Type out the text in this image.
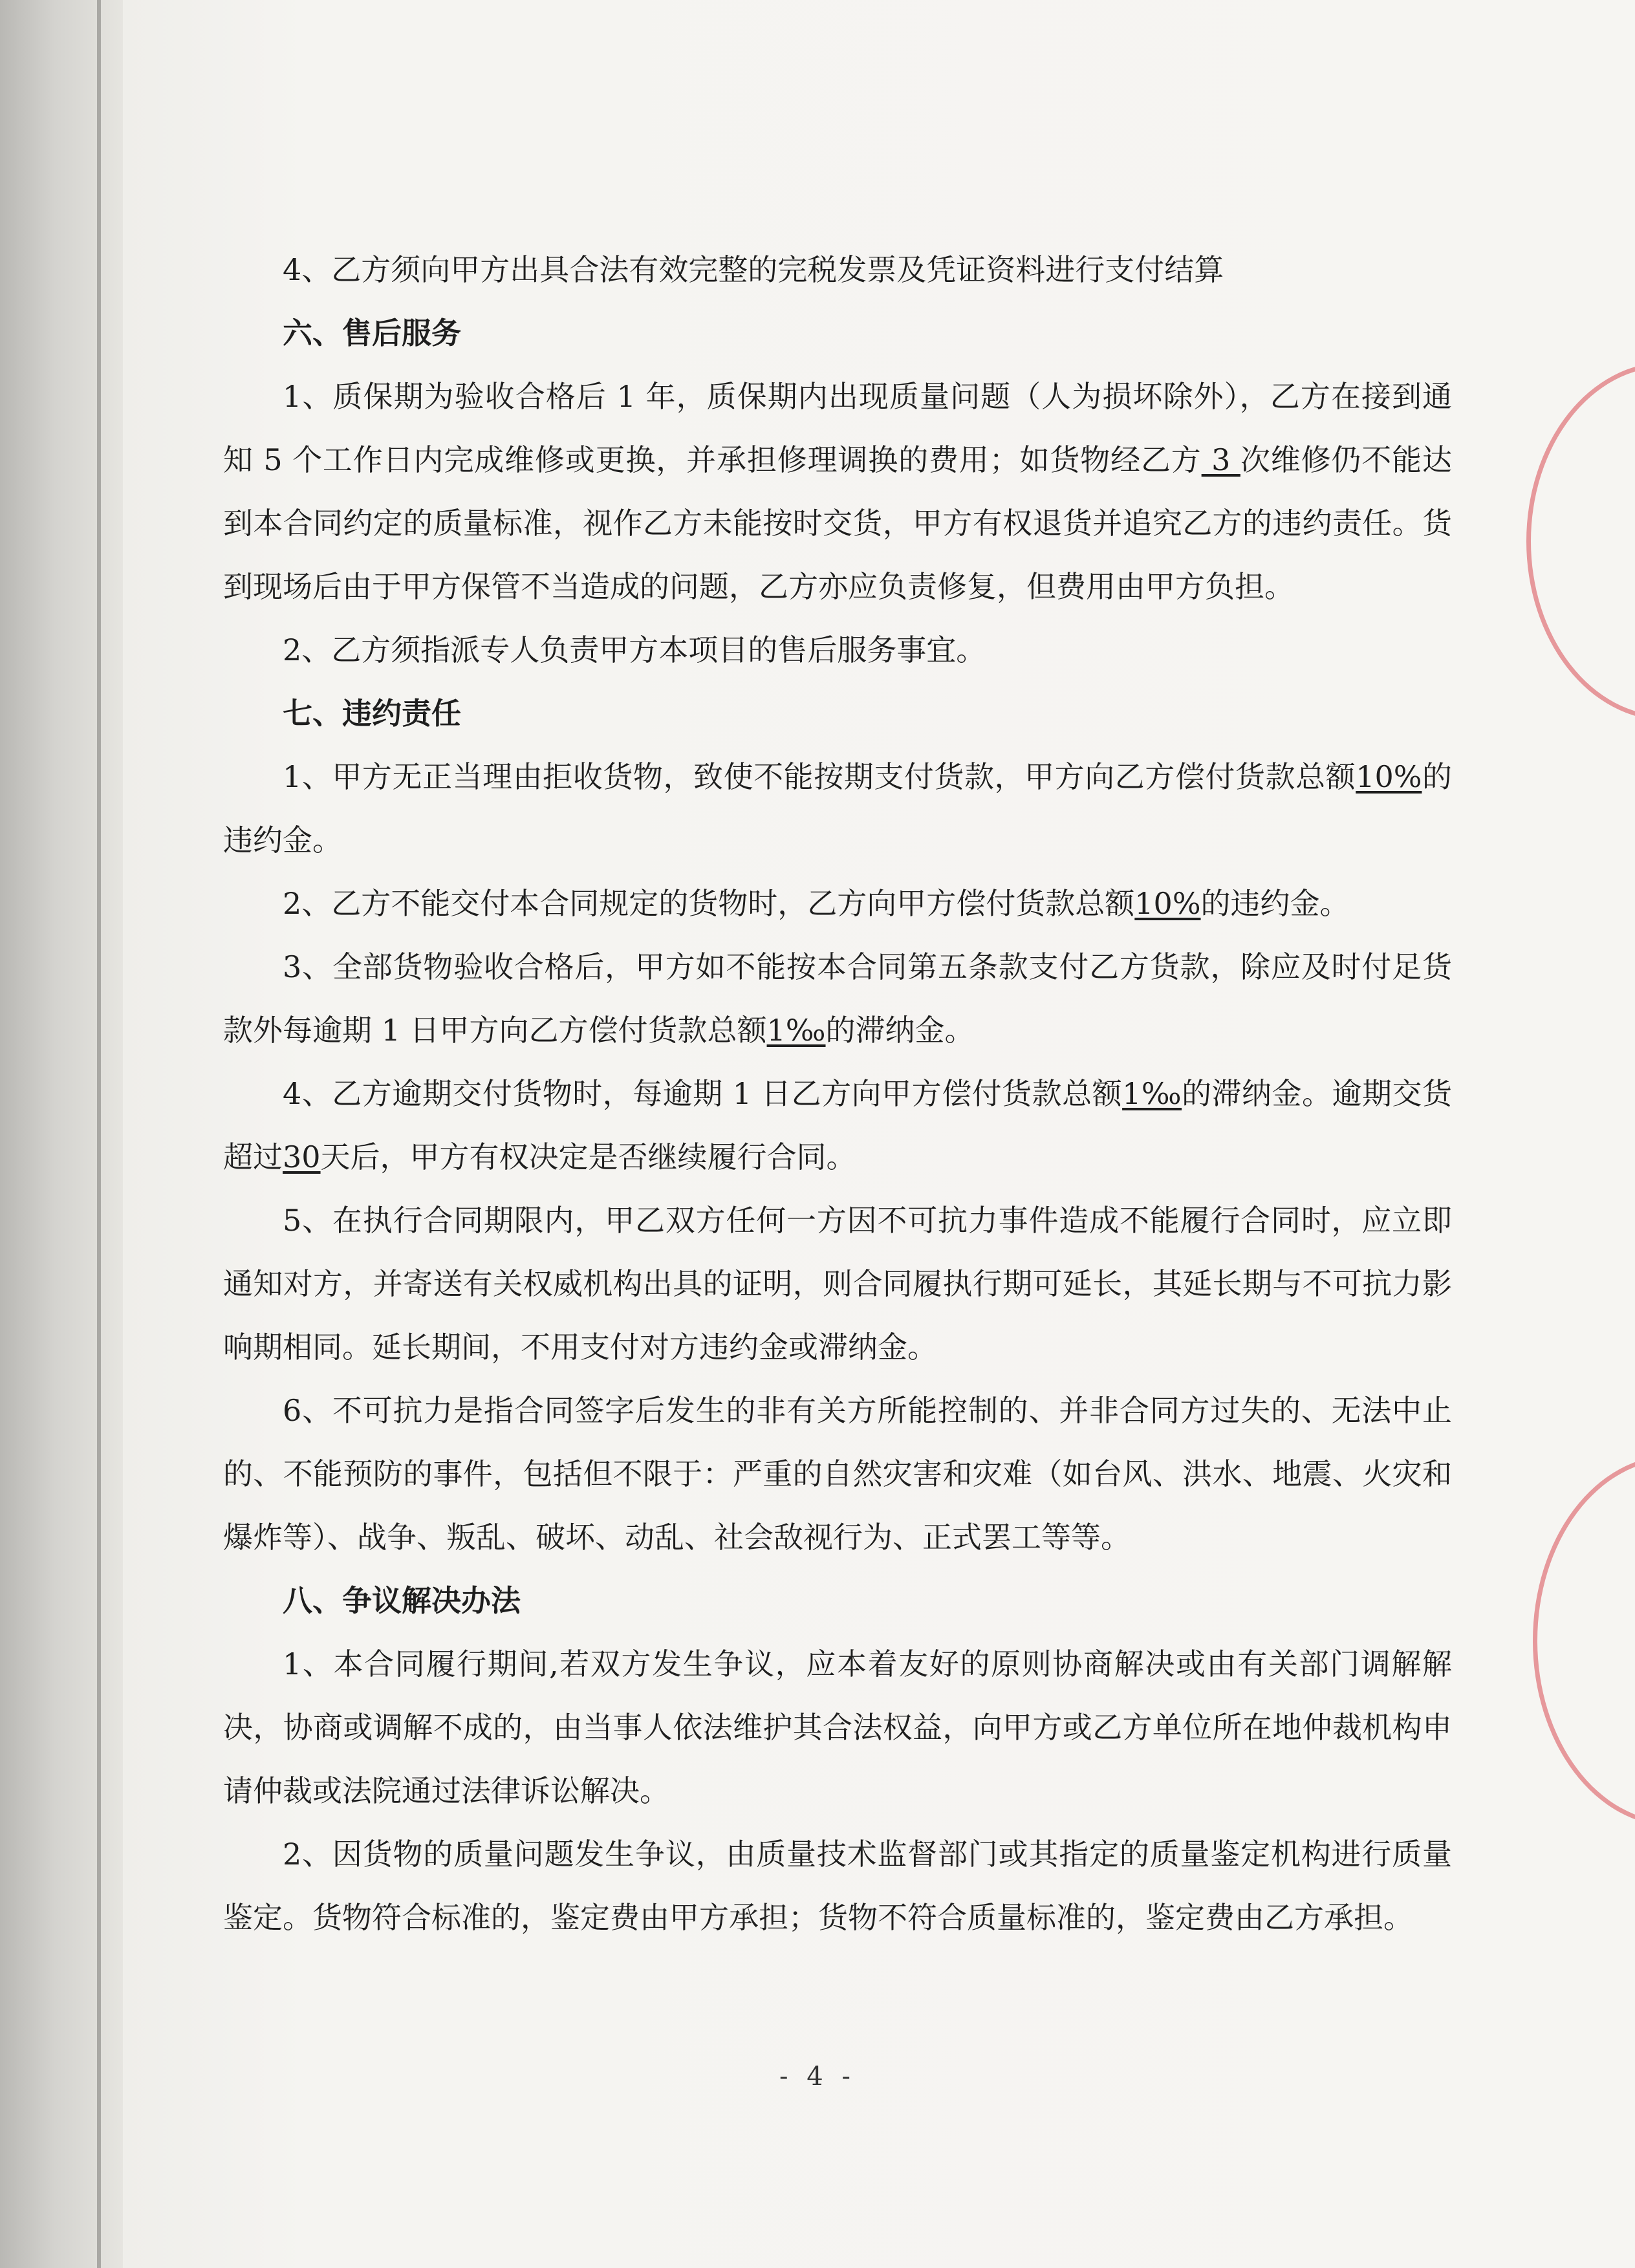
4、乙方须向甲方出具合法有效完整的完税发票及凭证资料进行支付结算

六、售后服务

1、质保期为验收合格后 1 年，质保期内出现质量问题（人为损坏除外），乙方在接到通知 5 个工作日内完成维修或更换，并承担修理调换的费用；如货物经乙方 3 次维修仍不能达到本合同约定的质量标准，视作乙方未能按时交货，甲方有权退货并追究乙方的违约责任。货到现场后由于甲方保管不当造成的问题，乙方亦应负责修复，但费用由甲方负担。

2、乙方须指派专人负责甲方本项目的售后服务事宜。

七、违约责任

1、甲方无正当理由拒收货物，致使不能按期支付货款，甲方向乙方偿付货款总额10%的违约金。

2、乙方不能交付本合同规定的货物时，乙方向甲方偿付货款总额10%的违约金。

3、全部货物验收合格后，甲方如不能按本合同第五条款支付乙方货款，除应及时付足货款外每逾期 1 日甲方向乙方偿付货款总额1‰的滞纳金。

4、乙方逾期交付货物时，每逾期 1 日乙方向甲方偿付货款总额1‰的滞纳金。逾期交货超过30天后，甲方有权决定是否继续履行合同。

5、在执行合同期限内，甲乙双方任何一方因不可抗力事件造成不能履行合同时，应立即通知对方，并寄送有关权威机构出具的证明，则合同履执行期可延长，其延长期与不可抗力影响期相同。延长期间，不用支付对方违约金或滞纳金。

6、不可抗力是指合同签字后发生的非有关方所能控制的、并非合同方过失的、无法中止的、不能预防的事件，包括但不限于：严重的自然灾害和灾难（如台风、洪水、地震、火灾和爆炸等）、战争、叛乱、破坏、动乱、社会敌视行为、正式罢工等等。

八、争议解决办法

1、本合同履行期间,若双方发生争议，应本着友好的原则协商解决或由有关部门调解解决，协商或调解不成的，由当事人依法维护其合法权益，向甲方或乙方单位所在地仲裁机构申请仲裁或法院通过法律诉讼解决。

2、因货物的质量问题发生争议，由质量技术监督部门或其指定的质量鉴定机构进行质量鉴定。货物符合标准的，鉴定费由甲方承担；货物不符合质量标准的，鉴定费由乙方承担。

- 4 -
